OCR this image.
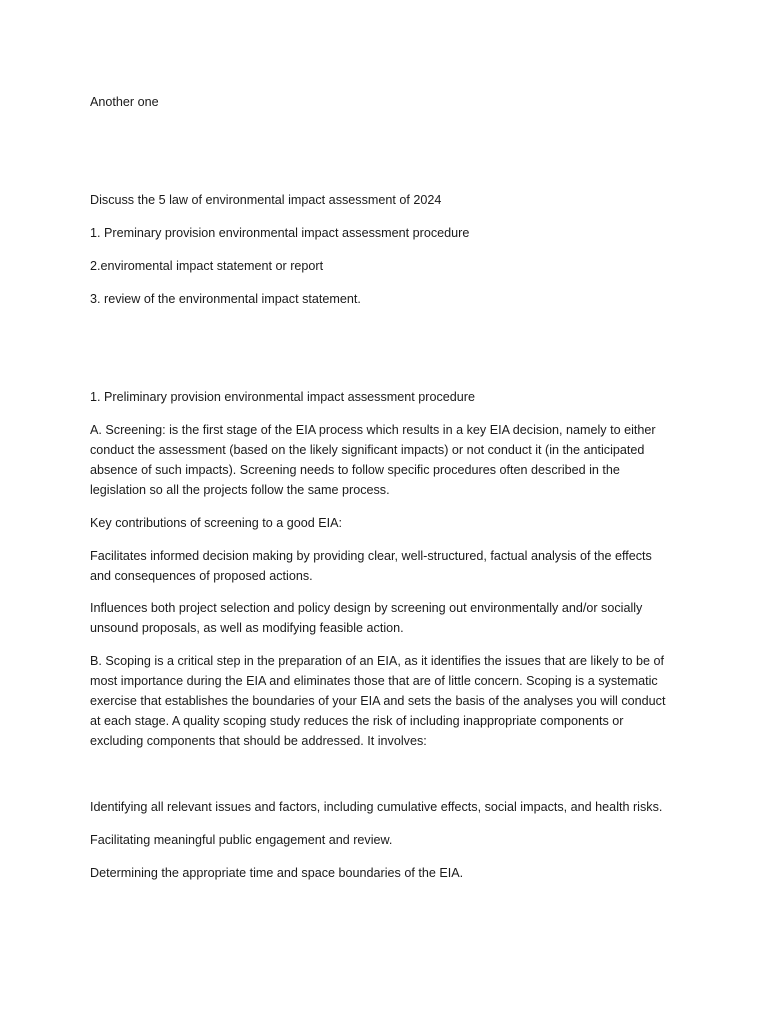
Another one

Discuss the 5 law of environmental impact assessment of 2024

1. Preminary provision environmental impact assessment procedure

2.enviromental impact statement or report

3. review of the environmental impact statement.

1. Preliminary provision environmental impact assessment procedure

A. Screening: is the first stage of the EIA process which results in a key EIA decision, namely to either conduct the assessment (based on the likely significant impacts) or not conduct it (in the anticipated absence of such impacts). Screening needs to follow specific procedures often described in the legislation so all the projects follow the same process.

Key contributions of screening to a good EIA:

Facilitates informed decision making by providing clear, well-structured, factual analysis of the effects and consequences of proposed actions.

Influences both project selection and policy design by screening out environmentally and/or socially unsound proposals, as well as modifying feasible action.

B. Scoping is a critical step in the preparation of an EIA, as it identifies the issues that are likely to be of most importance during the EIA and eliminates those that are of little concern. Scoping is a systematic exercise that establishes the boundaries of your EIA and sets the basis of the analyses you will conduct at each stage. A quality scoping study reduces the risk of including inappropriate components or excluding components that should be addressed. It involves:

Identifying all relevant issues and factors, including cumulative effects, social impacts, and health risks.

Facilitating meaningful public engagement and review.

Determining the appropriate time and space boundaries of the EIA.
